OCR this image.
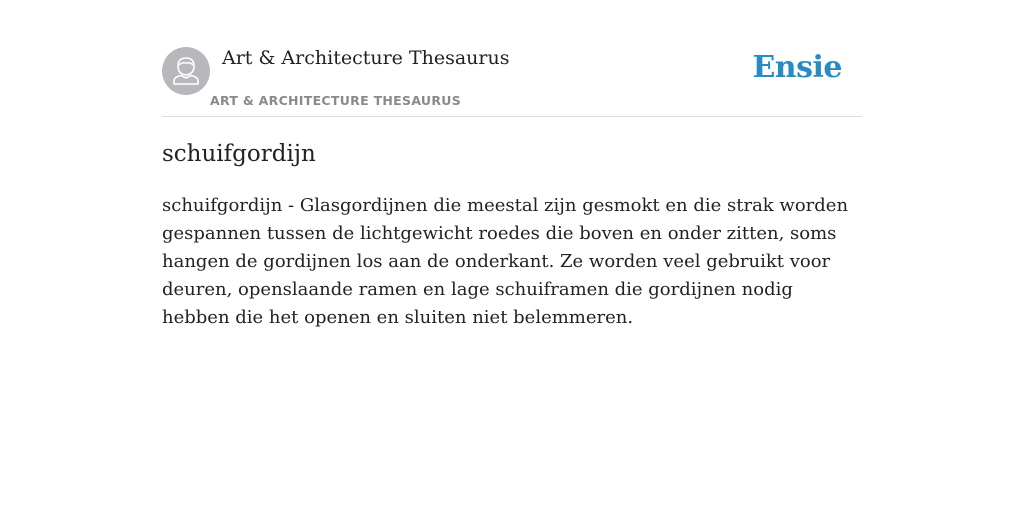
Art & Architecture Thesaurus
ART & ARCHITECTURE THESAURUS
Ensie
schuifgordijn

schuifgordijn - Glasgordijnen die meestal zijn gesmokt en die strak worden gespannen tussen de lichtgewicht roedes die boven en onder zitten, soms hangen de gordijnen los aan de onderkant. Ze worden veel gebruikt voor deuren, openslaande ramen en lage schuiframen die gordijnen nodig hebben die het openen en sluiten niet belemmeren.
